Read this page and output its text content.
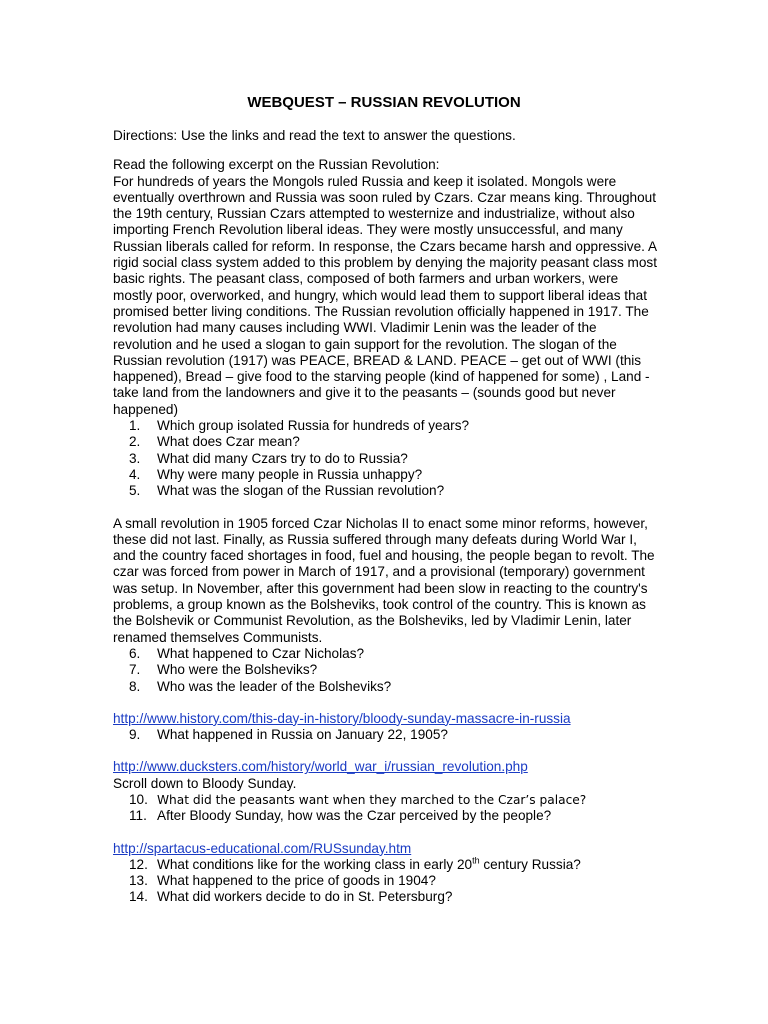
WEBQUEST – RUSSIAN REVOLUTION

Directions: Use the links and read the text to answer the questions.

Read the following excerpt on the Russian Revolution:

For hundreds of years the Mongols ruled Russia and keep it isolated. Mongols were eventually overthrown and Russia was soon ruled by Czars. Czar means king. Throughout the 19th century, Russian Czars attempted to westernize and industrialize, without also importing French Revolution liberal ideas. They were mostly unsuccessful, and many Russian liberals called for reform. In response, the Czars became harsh and oppressive. A rigid social class system added to this problem by denying the majority peasant class most basic rights. The peasant class, composed of both farmers and urban workers, were mostly poor, overworked, and hungry, which would lead them to support liberal ideas that promised better living conditions. The Russian revolution officially happened in 1917. The revolution had many causes including WWI. Vladimir Lenin was the leader of the revolution and he used a slogan to gain support for the revolution. The slogan of the Russian revolution (1917) was PEACE, BREAD & LAND. PEACE – get out of WWI (this happened), Bread – give food to the starving people (kind of happened for some) , Land - take land from the landowners and give it to the peasants – (sounds good but never happened)

1.	Which group isolated Russia for hundreds of years?
2.	What does Czar mean?
3.	What did many Czars try to do to Russia?
4.	Why were many people in Russia unhappy?
5.	What was the slogan of the Russian revolution?

A small revolution in 1905 forced Czar Nicholas II to enact some minor reforms, however, these did not last. Finally, as Russia suffered through many defeats during World War I, and the country faced shortages in food, fuel and housing, the people began to revolt. The czar was forced from power in March of 1917, and a provisional (temporary) government was setup. In November, after this government had been slow in reacting to the country's problems, a group known as the Bolsheviks, took control of the country. This is known as the Bolshevik or Communist Revolution, as the Bolsheviks, led by Vladimir Lenin, later renamed themselves Communists.

6.	What happened to Czar Nicholas?
7.	Who were the Bolsheviks?
8.	Who was the leader of the Bolsheviks?

http://www.history.com/this-day-in-history/bloody-sunday-massacre-in-russia

9.	What happened in Russia on January 22, 1905?

http://www.ducksters.com/history/world_war_i/russian_revolution.php

Scroll down to Bloody Sunday.

10. What did the peasants want when they marched to the Czar’s palace?
11. After Bloody Sunday, how was the Czar perceived by the people?

http://spartacus-educational.com/RUSsunday.htm

12. What conditions like for the working class in early 20th century Russia?
13. What happened to the price of goods in 1904?
14. What did workers decide to do in St. Petersburg?
